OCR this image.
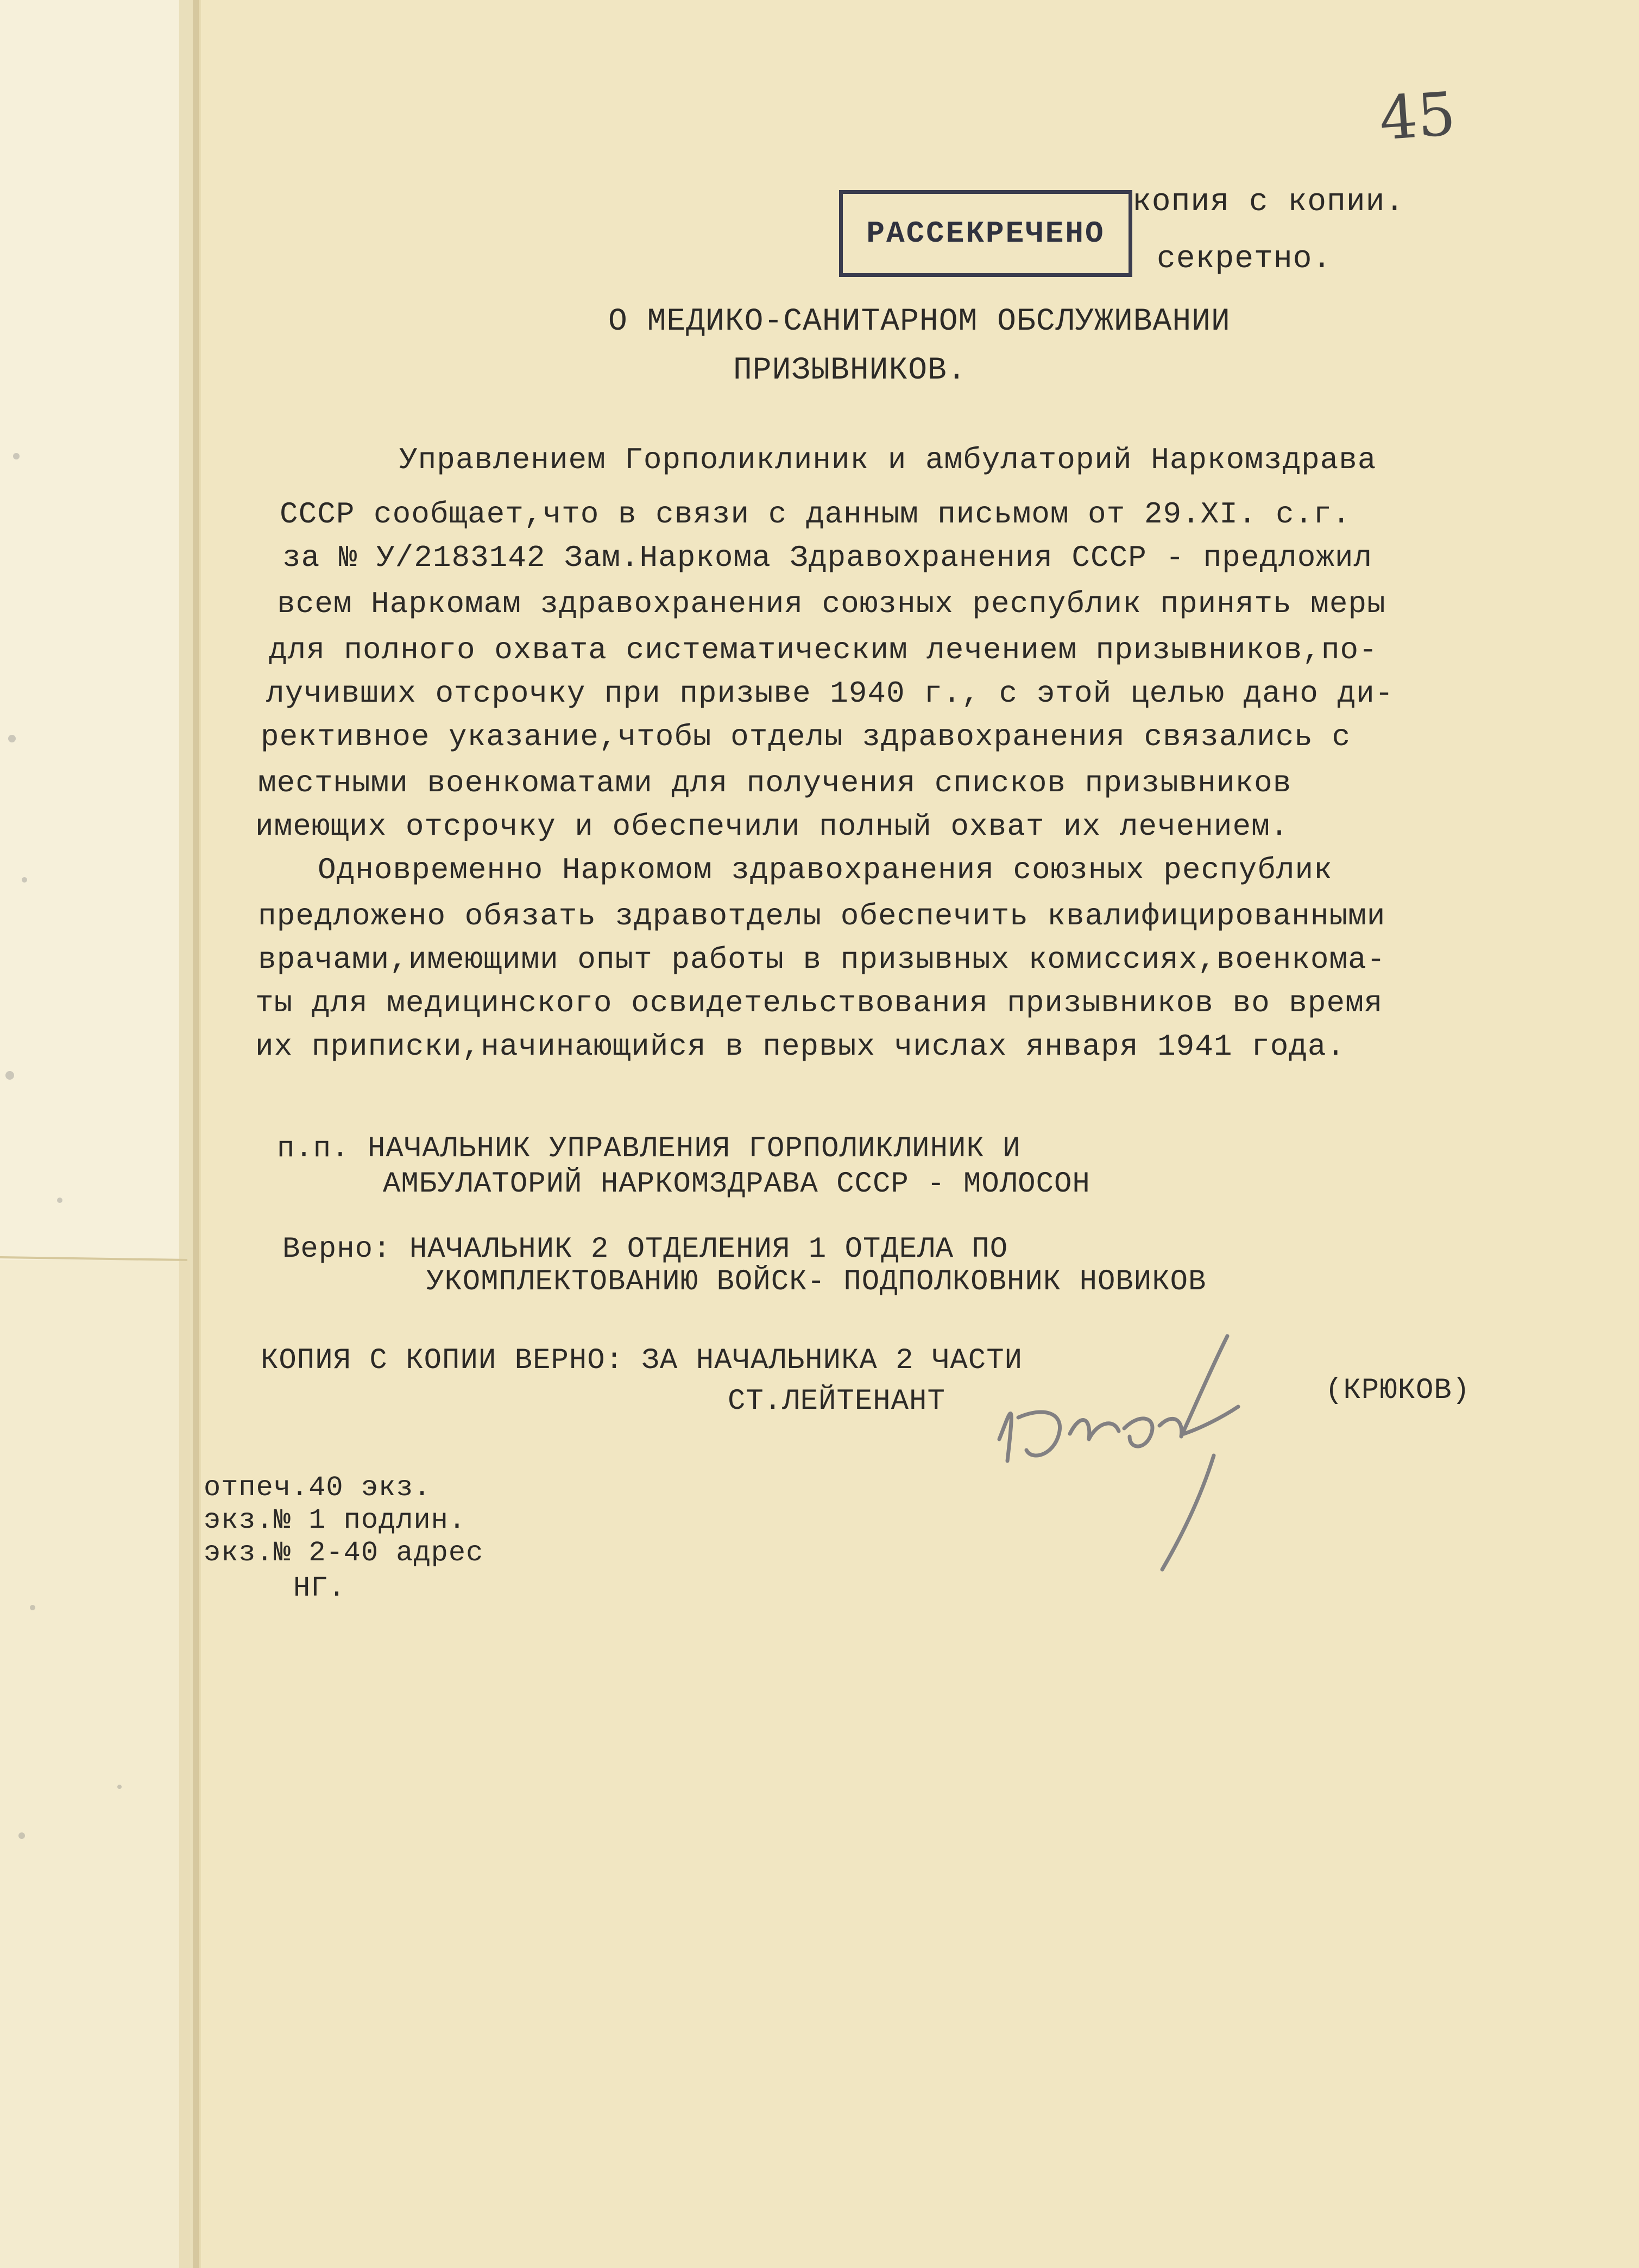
45
РАССЕКРЕЧЕНО
копия с копии.
секретно.
О МЕДИКО-САНИТАРНОМ ОБСЛУЖИВАНИИ
ПРИЗЫВНИКОВ.
Управлением Горполиклиник и амбулаторий Наркомздрава
СССР сообщает,что в связи с данным письмом от 29.XI. с.г.
за № У/2183142 Зам.Наркома Здравохранения СССР - предложил
всем Наркомам здравохранения союзных республик принять меры
для полного охвата систематическим лечением призывников,по-
лучивших отсрочку при призыве 1940 г., с этой целью дано ди-
рективное указание,чтобы отделы здравохранения связались с
местными военкоматами для получения списков призывников
имеющих отсрочку и обеспечили полный охват их лечением.
Одновременно Наркомом здравохранения союзных республик
предложено обязать здравотделы обеспечить квалифицированными
врачами,имеющими опыт работы в призывных комиссиях,военкома-
ты для медицинского освидетельствования призывников во время
их приписки,начинающийся в первых числах января 1941 года.
п.п. НАЧАЛЬНИК УПРАВЛЕНИЯ ГОРПОЛИКЛИНИК И
АМБУЛАТОРИЙ НАРКОМЗДРАВА СССР - МОЛОСОН
Верно: НАЧАЛЬНИК 2 ОТДЕЛЕНИЯ 1 ОТДЕЛА ПО
УКОМПЛЕКТОВАНИЮ ВОЙСК- ПОДПОЛКОВНИК НОВИКОВ
КОПИЯ С КОПИИ ВЕРНО: ЗА НАЧАЛЬНИКА 2 ЧАСТИ
СТ.ЛЕЙТЕНАНТ	(КРЮКОВ)
отпеч.40 экз.
экз.№ 1 подлин.
экз.№ 2-40 адрес
НГ.
